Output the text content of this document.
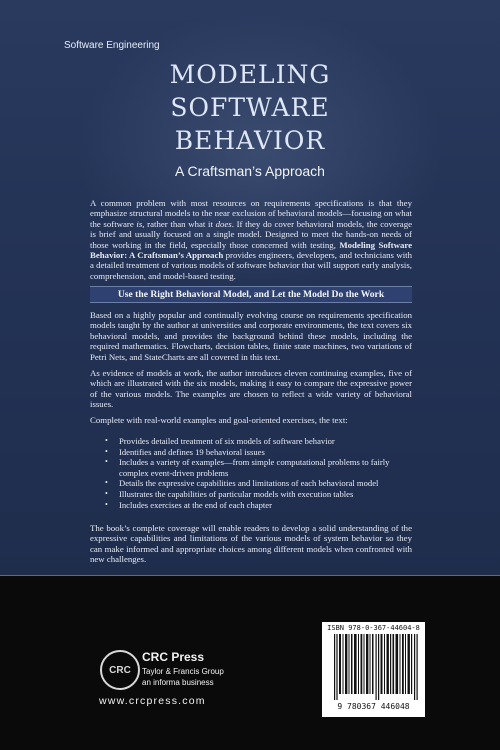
Software Engineering
MODELING
SOFTWARE
BEHAVIOR
A Craftsman’s Approach
A common problem with most resources on requirements specifications is that they emphasize structural models to the near exclusion of behavioral models—focusing on what the software is, rather than what it does. If they do cover behavioral models, the coverage is brief and usually focused on a single model. Designed to meet the hands-on needs of those working in the field, especially those concerned with testing, Modeling Software Behavior: A Craftsman’s Approach provides engineers, developers, and technicians with a detailed treatment of various models of software behavior that will support early analysis, comprehension, and model-based testing.
Use the Right Behavioral Model, and Let the Model Do the Work
Based on a highly popular and continually evolving course on requirements specification models taught by the author at universities and corporate environments, the text covers six behavioral models, and provides the background behind these models, including the required mathematics. Flowcharts, decision tables, finite state machines, two variations of Petri Nets, and StateCharts are all covered in this text.
As evidence of models at work, the author introduces eleven continuing examples, five of which are illustrated with the six models, making it easy to compare the expressive power of the various models. The examples are chosen to reflect a wide variety of behavioral issues.
Complete with real-world examples and goal-oriented exercises, the text:
• Provides detailed treatment of six models of software behavior
• Identifies and defines 19 behavioral issues
• Includes a variety of examples—from simple computational problems to fairly complex event-driven problems
• Details the expressive capabilities and limitations of each behavioral model
• Illustrates the capabilities of particular models with execution tables
• Includes exercises at the end of each chapter
The book’s complete coverage will enable readers to develop a solid understanding of the expressive capabilities and limitations of the various models of system behavior so they can make informed and appropriate choices among different models when confronted with new challenges.
CRC
CRC Press
Taylor & Francis Group
an informa business
www.crcpress.com
ISBN 978-0-367-44604-8
9 780367 446048
